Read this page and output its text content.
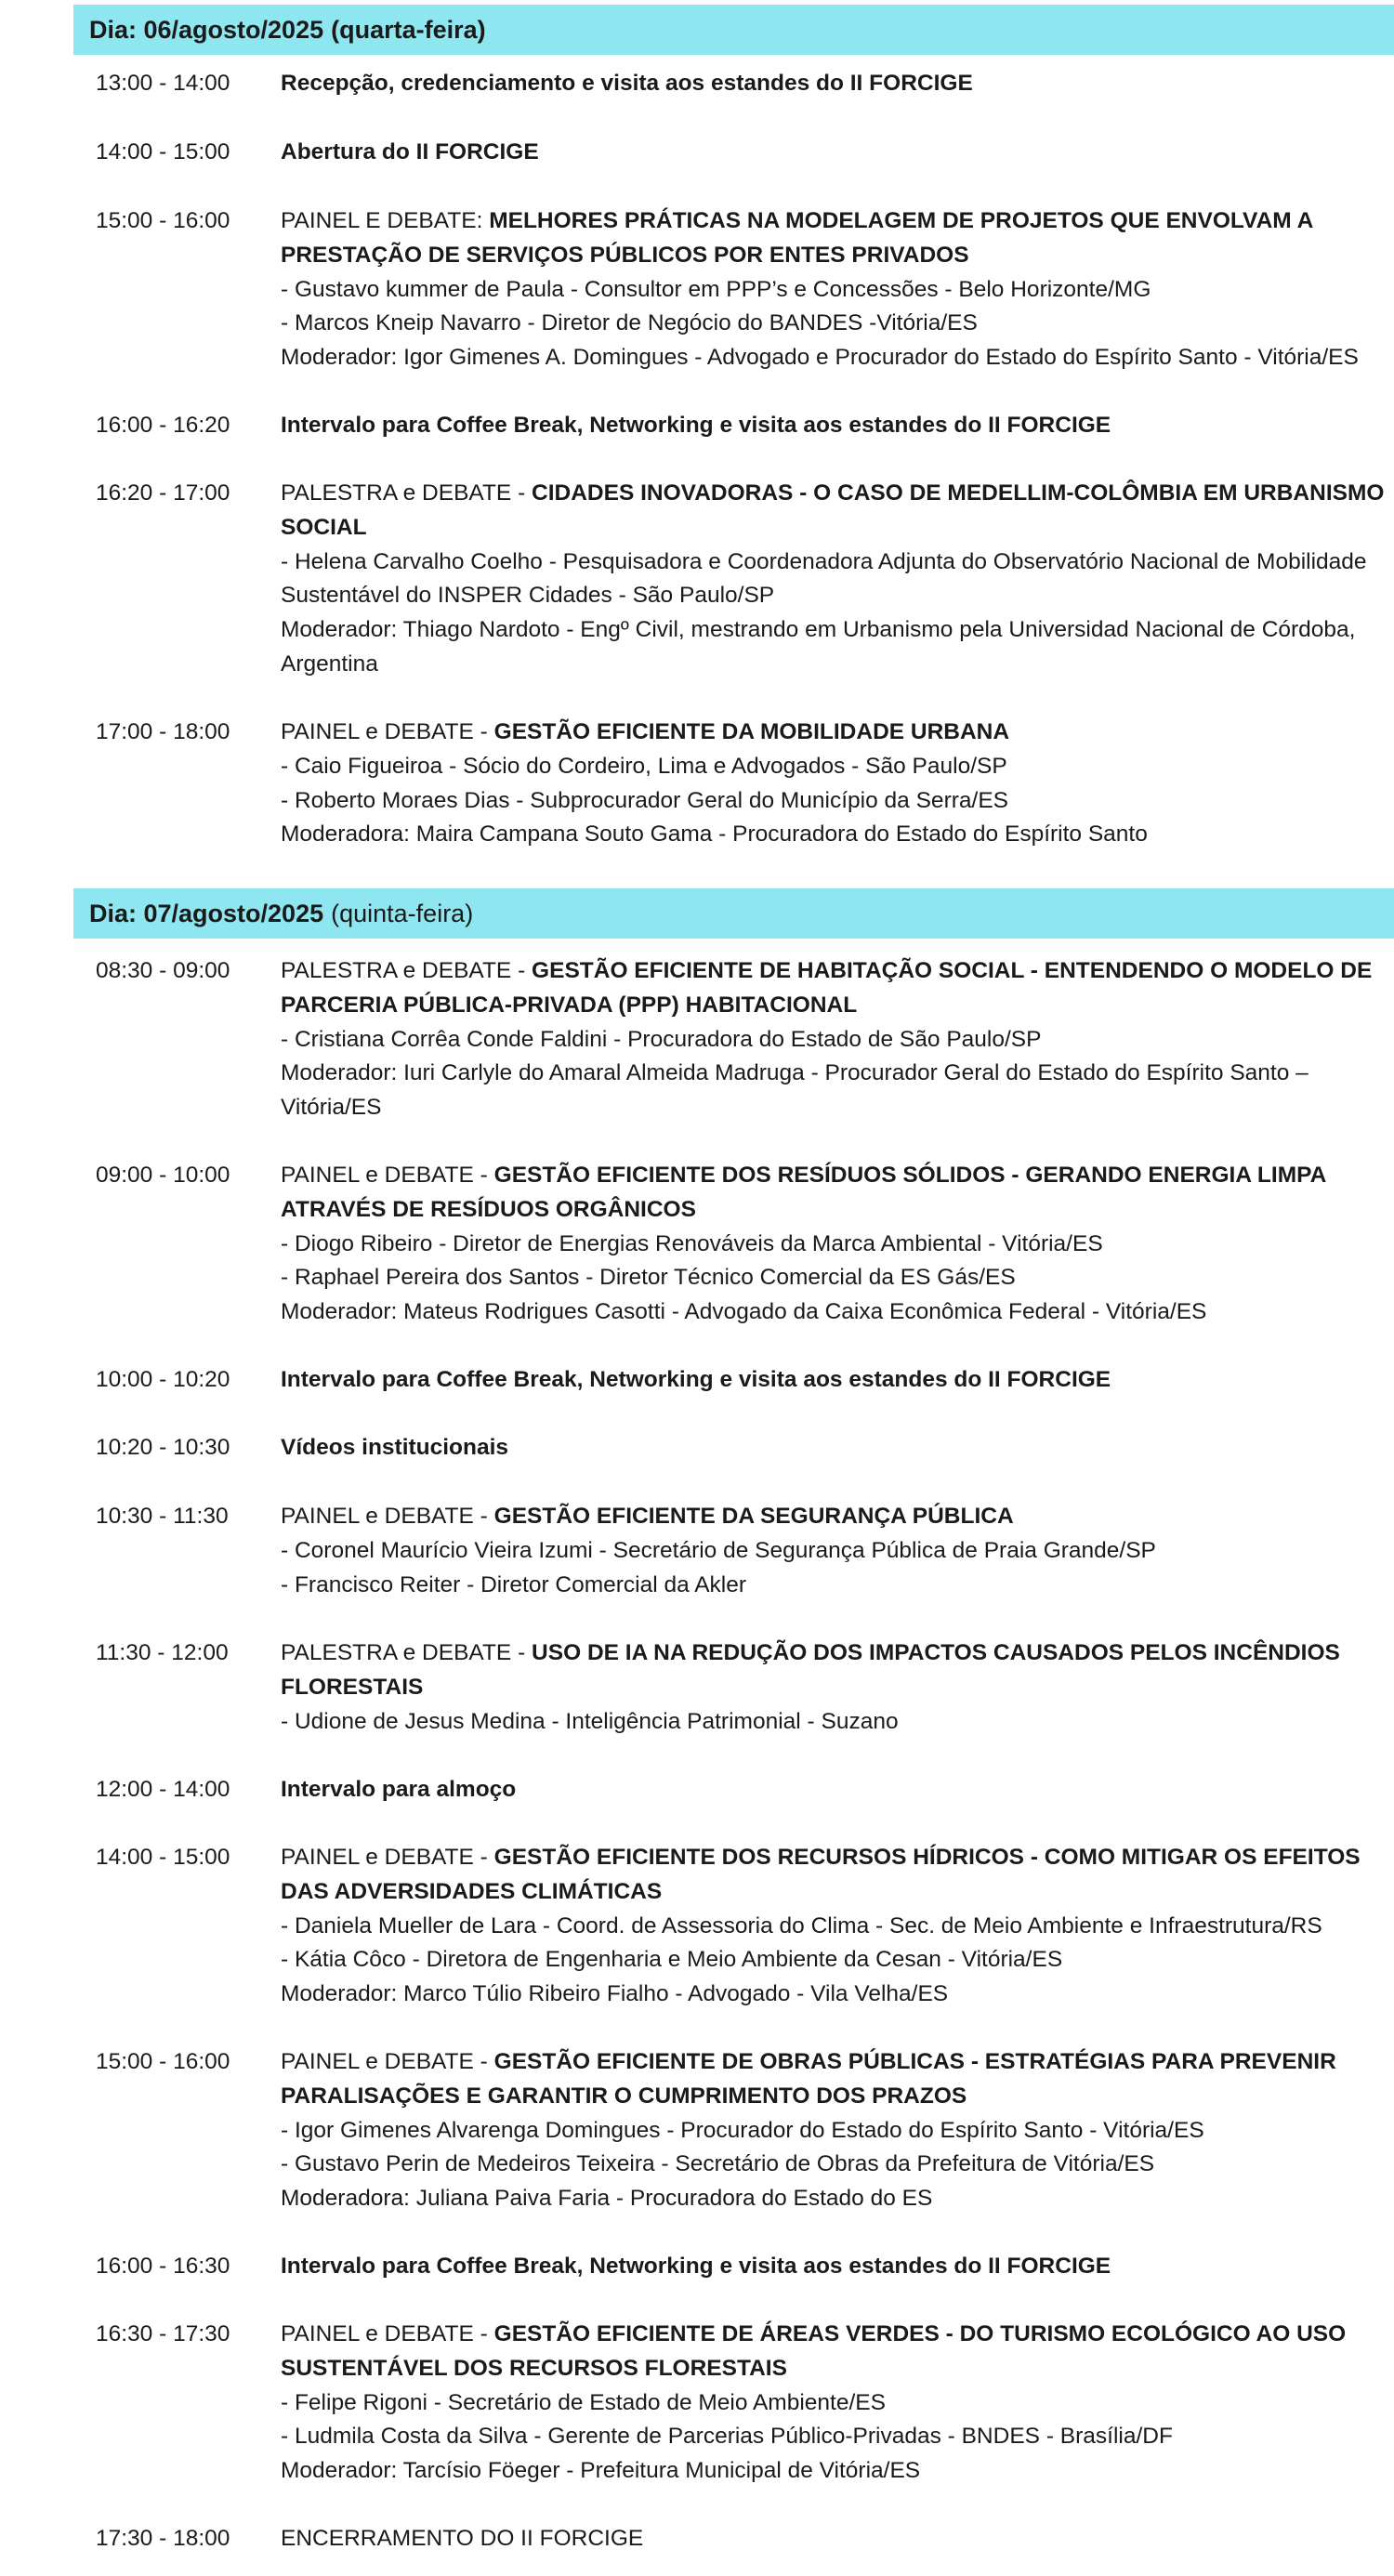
Dia: 06/agosto/2025 (quarta-feira)
13:00 - 14:00	Recepção, credenciamento e visita aos estandes do II FORCIGE
14:00 - 15:00	Abertura do II FORCIGE
15:00 - 16:00	PAINEL E DEBATE: MELHORES PRÁTICAS NA MODELAGEM DE PROJETOS QUE ENVOLVAM A PRESTAÇÃO DE SERVIÇOS PÚBLICOS POR ENTES PRIVADOS
- Gustavo kummer de Paula - Consultor em PPP’s e Concessões - Belo Horizonte/MG
- Marcos Kneip Navarro - Diretor de Negócio do BANDES -Vitória/ES
Moderador: Igor Gimenes A. Domingues - Advogado e Procurador do Estado do Espírito Santo - Vitória/ES
16:00 - 16:20	Intervalo para Coffee Break, Networking e visita aos estandes do II FORCIGE
16:20 - 17:00	PALESTRA e DEBATE - CIDADES INOVADORAS - O CASO DE MEDELLIM-COLÔMBIA EM URBANISMO SOCIAL
- Helena Carvalho Coelho - Pesquisadora e Coordenadora Adjunta do Observatório Nacional de Mobilidade Sustentável do INSPER Cidades - São Paulo/SP
Moderador: Thiago Nardoto - Engº Civil, mestrando em Urbanismo pela Universidad Nacional de Córdoba, Argentina
17:00 - 18:00	PAINEL e DEBATE - GESTÃO EFICIENTE DA MOBILIDADE URBANA
- Caio Figueiroa - Sócio do Cordeiro, Lima e Advogados - São Paulo/SP
- Roberto Moraes Dias - Subprocurador Geral do Município da Serra/ES
Moderadora: Maira Campana Souto Gama - Procuradora do Estado do Espírito Santo
Dia: 07/agosto/2025 (quinta-feira)
08:30 - 09:00	PALESTRA e DEBATE - GESTÃO EFICIENTE DE HABITAÇÃO SOCIAL - ENTENDENDO O MODELO DE PARCERIA PÚBLICA-PRIVADA (PPP) HABITACIONAL
- Cristiana Corrêa Conde Faldini - Procuradora do Estado de São Paulo/SP
Moderador: Iuri Carlyle do Amaral Almeida Madruga - Procurador Geral do Estado do Espírito Santo – Vitória/ES
09:00 - 10:00	PAINEL e DEBATE - GESTÃO EFICIENTE DOS RESÍDUOS SÓLIDOS - GERANDO ENERGIA LIMPA ATRAVÉS DE RESÍDUOS ORGÂNICOS
- Diogo Ribeiro - Diretor de Energias Renováveis da Marca Ambiental - Vitória/ES
- Raphael Pereira dos Santos - Diretor Técnico Comercial da ES Gás/ES
Moderador: Mateus Rodrigues Casotti - Advogado da Caixa Econômica Federal - Vitória/ES
10:00 - 10:20	Intervalo para Coffee Break, Networking e visita aos estandes do II FORCIGE
10:20 - 10:30	Vídeos institucionais
10:30 - 11:30	PAINEL e DEBATE - GESTÃO EFICIENTE DA SEGURANÇA PÚBLICA
- Coronel Maurício Vieira Izumi - Secretário de Segurança Pública de Praia Grande/SP
- Francisco Reiter - Diretor Comercial da Akler
11:30 - 12:00	PALESTRA e DEBATE - USO DE IA NA REDUÇÃO DOS IMPACTOS CAUSADOS PELOS INCÊNDIOS FLORESTAIS
- Udione de Jesus Medina - Inteligência Patrimonial - Suzano
12:00 - 14:00	Intervalo para almoço
14:00 - 15:00	PAINEL e DEBATE - GESTÃO EFICIENTE DOS RECURSOS HÍDRICOS - COMO MITIGAR OS EFEITOS DAS ADVERSIDADES CLIMÁTICAS
- Daniela Mueller de Lara - Coord. de Assessoria do Clima - Sec. de Meio Ambiente e Infraestrutura/RS
- Kátia Côco - Diretora de Engenharia e Meio Ambiente da Cesan - Vitória/ES
Moderador: Marco Túlio Ribeiro Fialho - Advogado - Vila Velha/ES
15:00 - 16:00	PAINEL e DEBATE - GESTÃO EFICIENTE DE OBRAS PÚBLICAS - ESTRATÉGIAS PARA PREVENIR PARALISAÇÕES E GARANTIR O CUMPRIMENTO DOS PRAZOS
- Igor Gimenes Alvarenga Domingues - Procurador do Estado do Espírito Santo - Vitória/ES
- Gustavo Perin de Medeiros Teixeira - Secretário de Obras da Prefeitura de Vitória/ES
Moderadora: Juliana Paiva Faria - Procuradora do Estado do ES
16:00 - 16:30	Intervalo para Coffee Break, Networking e visita aos estandes do II FORCIGE
16:30 - 17:30	PAINEL e DEBATE - GESTÃO EFICIENTE DE ÁREAS VERDES - DO TURISMO ECOLÓGICO AO USO SUSTENTÁVEL DOS RECURSOS FLORESTAIS
- Felipe Rigoni - Secretário de Estado de Meio Ambiente/ES
- Ludmila Costa da Silva - Gerente de Parcerias Público-Privadas - BNDES - Brasília/DF
Moderador: Tarcísio Föeger - Prefeitura Municipal de Vitória/ES
17:30 - 18:00	ENCERRAMENTO DO II FORCIGE
